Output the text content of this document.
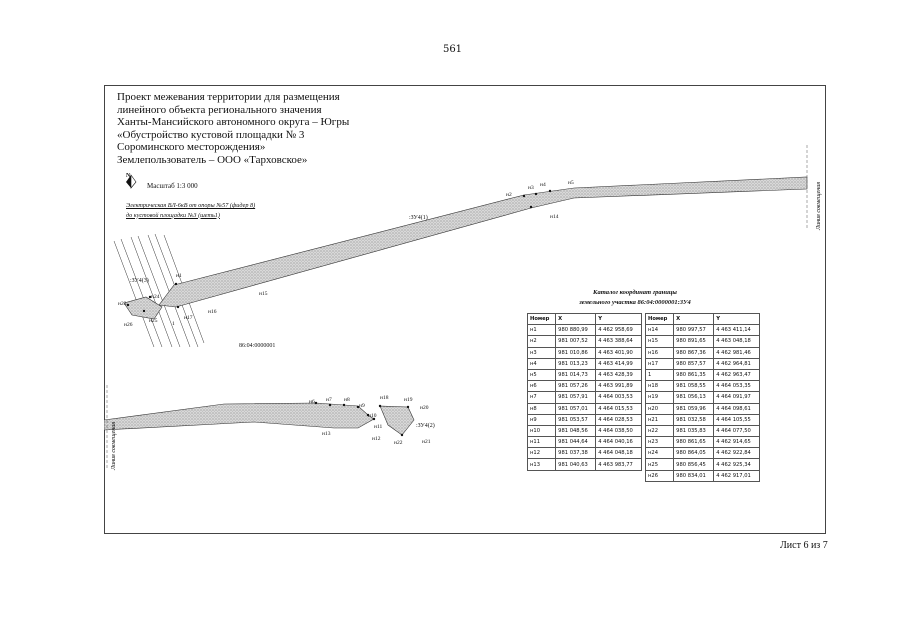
561
Проект межевания территории для размещения
линейного объекта регионального значения
Ханты-Мансийского автономного округа – Югры
«Обустройство кустовой площадки № 3
Сороминского месторождения»
Землепользователь – ООО «Тарховское»
Линия совмещения
Линия совмещения
н1
н2
н3 н4	н5
н14
н15
н16
н17
1
н23
н24
н25
н26
н6 н7 н8
н9
н10
н11
н12
н13
н18	н19
н20
н21
н22
:ЗУ4(1)
:ЗУ4(2)
:ЗУ4(3)
86:04:0000001
N
Масштаб 1:3 000
Электрическая ВЛ-6кВ от опоры №57 (фидер 8)
до кустовой площадки №3 (шеть1)
Каталог координат границы
земельного участка 86:04:0000001:ЗУ4
Номер	X	Y
н1	980 880,99	4 462 958,69
н2	981 007,52	4 463 388,64
н3	981 010,86	4 463 401,90
н4	981 013,23	4 463 414,99
н5	981 014,73	4 463 428,39
н6	981 057,26	4 463 991,89
н7	981 057,91	4 464 003,53
н8	981 057,01	4 464 015,53
н9	981 053,57	4 464 028,53
н10	981 048,56	4 464 038,50
н11	981 044,64	4 464 040,16
н12	981 037,38	4 464 048,18
н13	981 040,63	4 463 983,77
Номер	X	Y
н14	980 997,57	4 463 411,14
н15	980 891,65	4 463 048,18
н16	980 867,36	4 462 981,46
н17	980 857,57	4 462 964,81
1	980 861,35	4 462 963,47
н18	981 058,55	4 464 053,35
н19	981 056,13	4 464 091,97
н20	981 059,96	4 464 098,61
н21	981 032,58	4 464 105,55
н22	981 035,83	4 464 077,50
н23	980 861,65	4 462 914,65
н24	980 864,05	4 462 922,84
н25	980 856,45	4 462 925,34
н26	980 834,01	4 462 917,01
Лист 6 из 7
